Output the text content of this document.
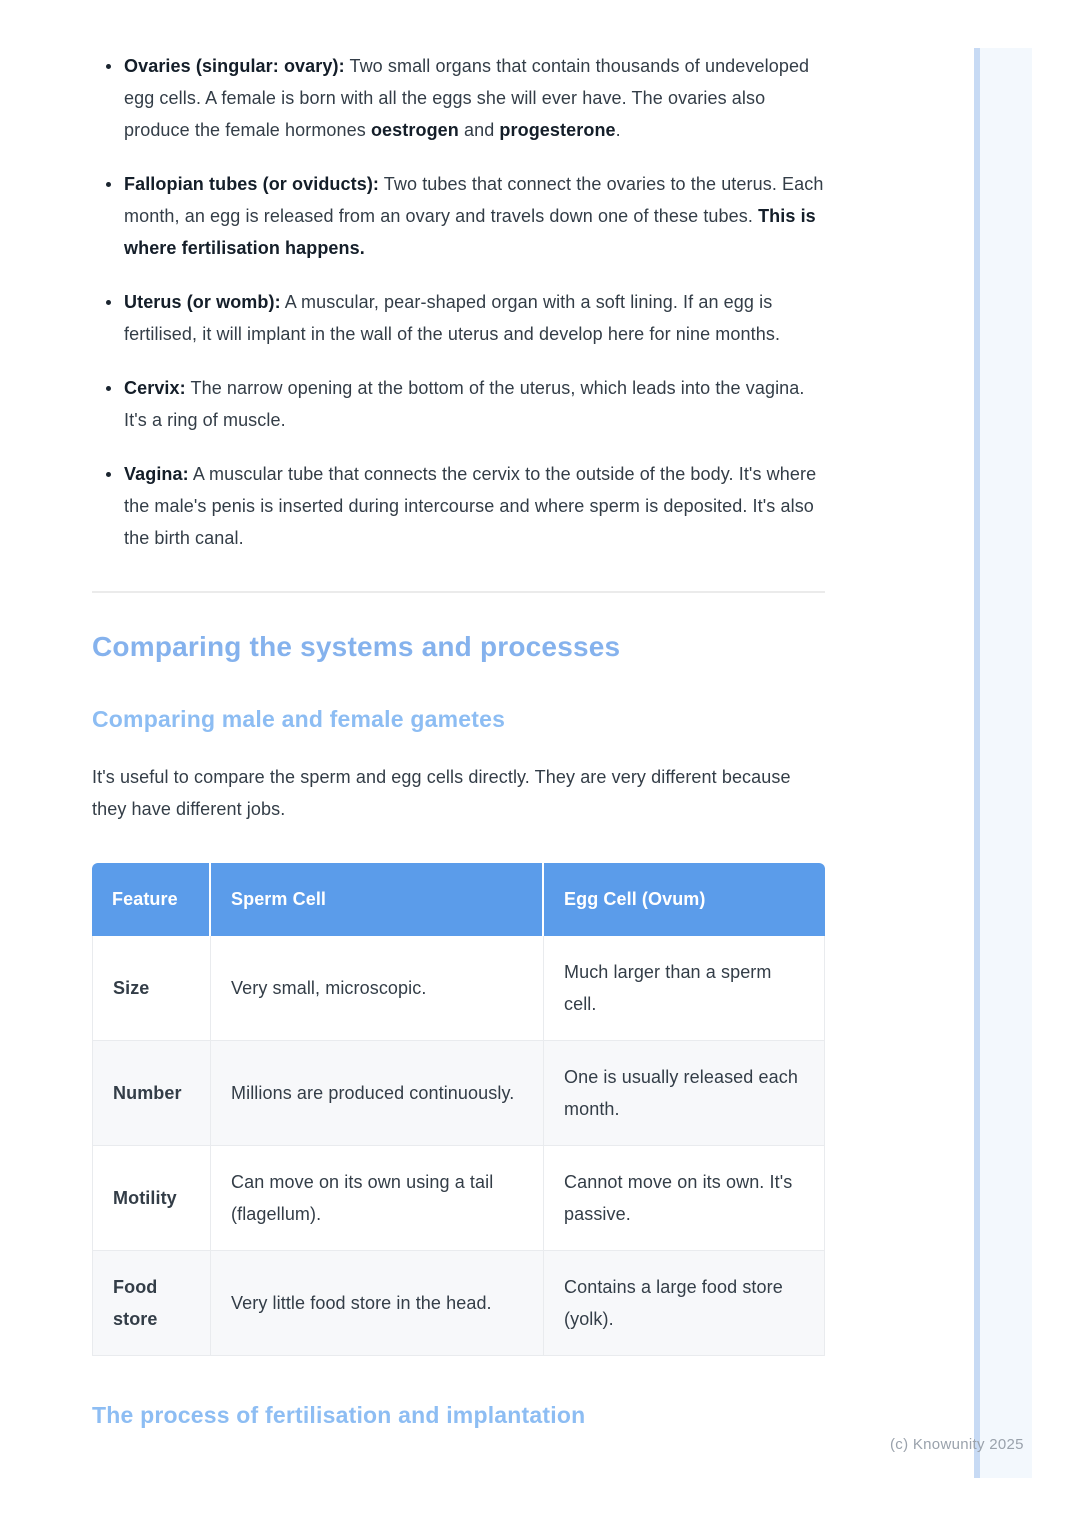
• Ovaries (singular: ovary): Two small organs that contain thousands of undeveloped egg cells. A female is born with all the eggs she will ever have. The ovaries also produce the female hormones oestrogen and progesterone.
• Fallopian tubes (or oviducts): Two tubes that connect the ovaries to the uterus. Each month, an egg is released from an ovary and travels down one of these tubes. This is where fertilisation happens.
• Uterus (or womb): A muscular, pear-shaped organ with a soft lining. If an egg is fertilised, it will implant in the wall of the uterus and develop here for nine months.
• Cervix: The narrow opening at the bottom of the uterus, which leads into the vagina. It's a ring of muscle.
• Vagina: A muscular tube that connects the cervix to the outside of the body. It's where the male's penis is inserted during intercourse and where sperm is deposited. It's also the birth canal.
Comparing the systems and processes
Comparing male and female gametes

It's useful to compare the sperm and egg cells directly. They are very different because they have different jobs.

Feature	Sperm Cell	Egg Cell (Ovum)
Size	Very small, microscopic.	Much larger than a sperm cell.
Number	Millions are produced continuously.	One is usually released each month.
Motility	Can move on its own using a tail (flagellum).	Cannot move on its own. It's passive.
Food store	Very little food store in the head.	Contains a large food store (yolk).
The process of fertilisation and implantation
(c) Knowunity 2025
